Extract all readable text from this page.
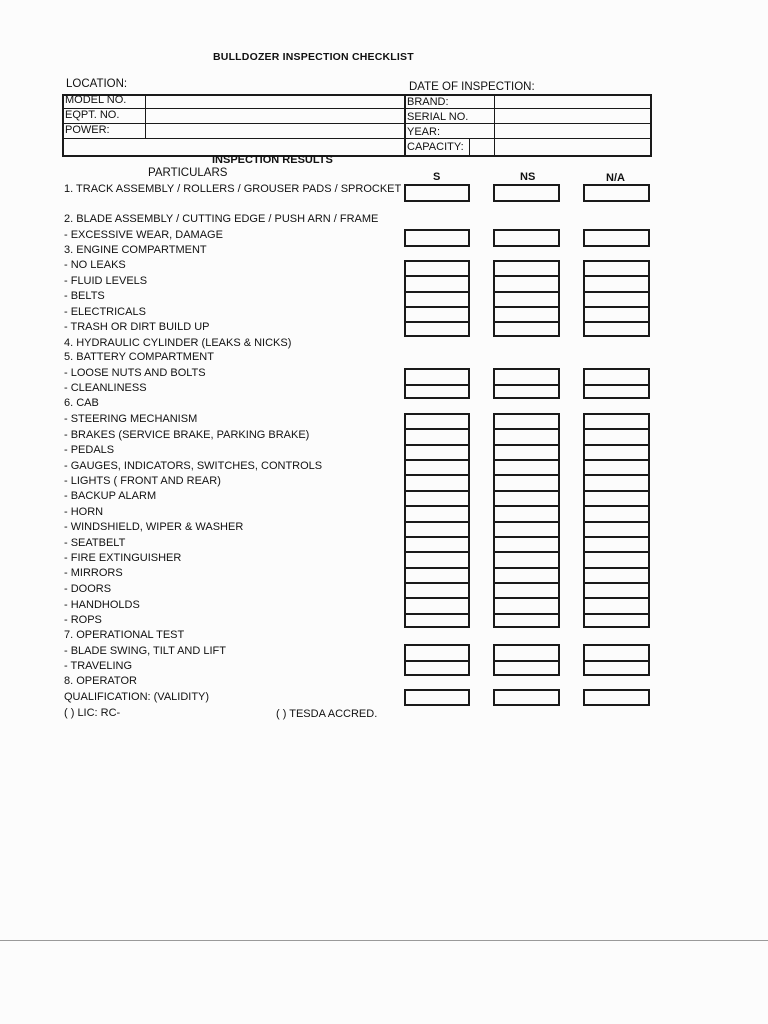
BULLDOZER INSPECTION CHECKLIST
LOCATION:	DATE OF INSPECTION:
MODEL NO.
EQPT. NO.
POWER:
BRAND:
SERIAL NO.
YEAR:
CAPACITY:
INSPECTION RESULTS
PARTICULARS	S	NS	N/A
1. TRACK ASSEMBLY / ROLLERS / GROUSER PADS / SPROCKET
2. BLADE ASSEMBLY / CUTTING EDGE / PUSH ARN / FRAME
- EXCESSIVE WEAR, DAMAGE
3. ENGINE COMPARTMENT
- NO LEAKS
- FLUID LEVELS
- BELTS
- ELECTRICALS
- TRASH OR DIRT BUILD UP
4. HYDRAULIC CYLINDER (LEAKS & NICKS)
5. BATTERY COMPARTMENT
- LOOSE NUTS AND BOLTS
- CLEANLINESS
6. CAB
- STEERING MECHANISM
- BRAKES (SERVICE BRAKE, PARKING BRAKE)
- PEDALS
- GAUGES, INDICATORS, SWITCHES, CONTROLS
- LIGHTS ( FRONT AND REAR)
- BACKUP ALARM
- HORN
- WINDSHIELD, WIPER & WASHER
- SEATBELT
- FIRE EXTINGUISHER
- MIRRORS
- DOORS
- HANDHOLDS
- ROPS
7. OPERATIONAL TEST
- BLADE SWING, TILT AND LIFT
- TRAVELING
8. OPERATOR
QUALIFICATION: (VALIDITY)
( ) LIC: RC-	( ) TESDA ACCRED.
